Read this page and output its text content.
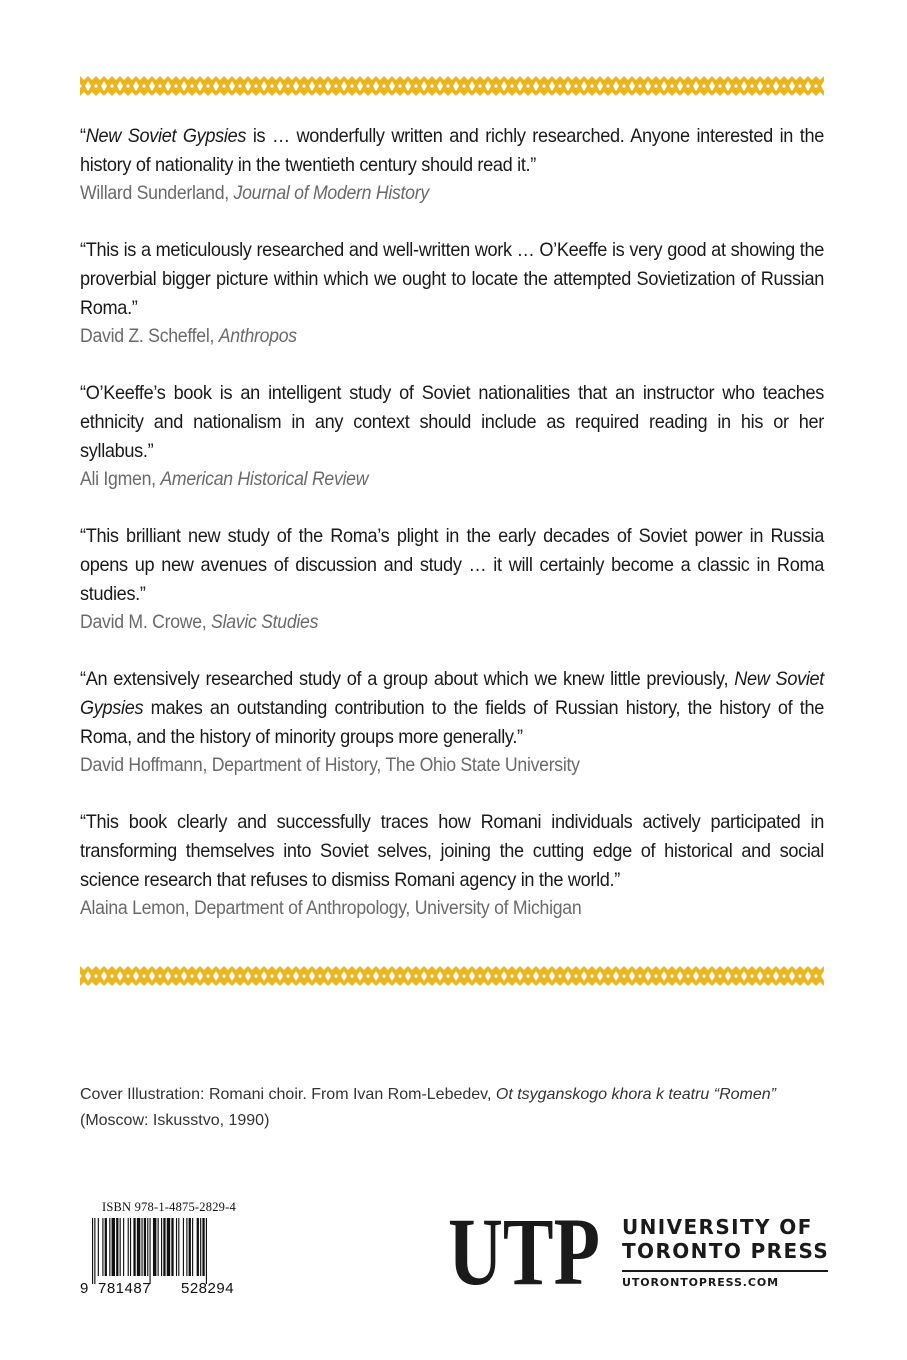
“New Soviet Gypsies is … wonderfully written and richly researched. Anyone interested in the history of nationality in the twentieth century should read it.”
Willard Sunderland, Journal of Modern History
“This is a meticulously researched and well-written work … O’Keeffe is very good at showing the proverbial bigger picture within which we ought to locate the attempted Sovietization of Russian Roma.”
David Z. Scheffel, Anthropos
“O’Keeffe’s book is an intelligent study of Soviet nationalities that an instructor who teaches ethnicity and nationalism in any context should include as required reading in his or her syllabus.”
Ali Igmen, American Historical Review
“This brilliant new study of the Roma’s plight in the early decades of Soviet power in Russia opens up new avenues of discussion and study … it will certainly become a classic in Roma studies.”
David M. Crowe, Slavic Studies
“An extensively researched study of a group about which we knew little previously, New Soviet Gypsies makes an outstanding contribution to the fields of Russian history, the history of the Roma, and the history of minority groups more generally.”
David Hoffmann, Department of History, The Ohio State University
“This book clearly and successfully traces how Romani individuals actively participated in transforming themselves into Soviet selves, joining the cutting edge of historical and social science research that refuses to dismiss Romani agency in the world.”
Alaina Lemon, Department of Anthropology, University of Michigan
Cover Illustration: Romani choir. From Ivan Rom-Lebedev, Ot tsyganskogo khora k teatru “Romen” (Moscow: Iskusstvo, 1990)
ISBN 978-1-4875-2829-4
9 781487 528294 UTP UNIVERSITY OF
TORONTO PRESS
UTORONTOPRESS.COM
